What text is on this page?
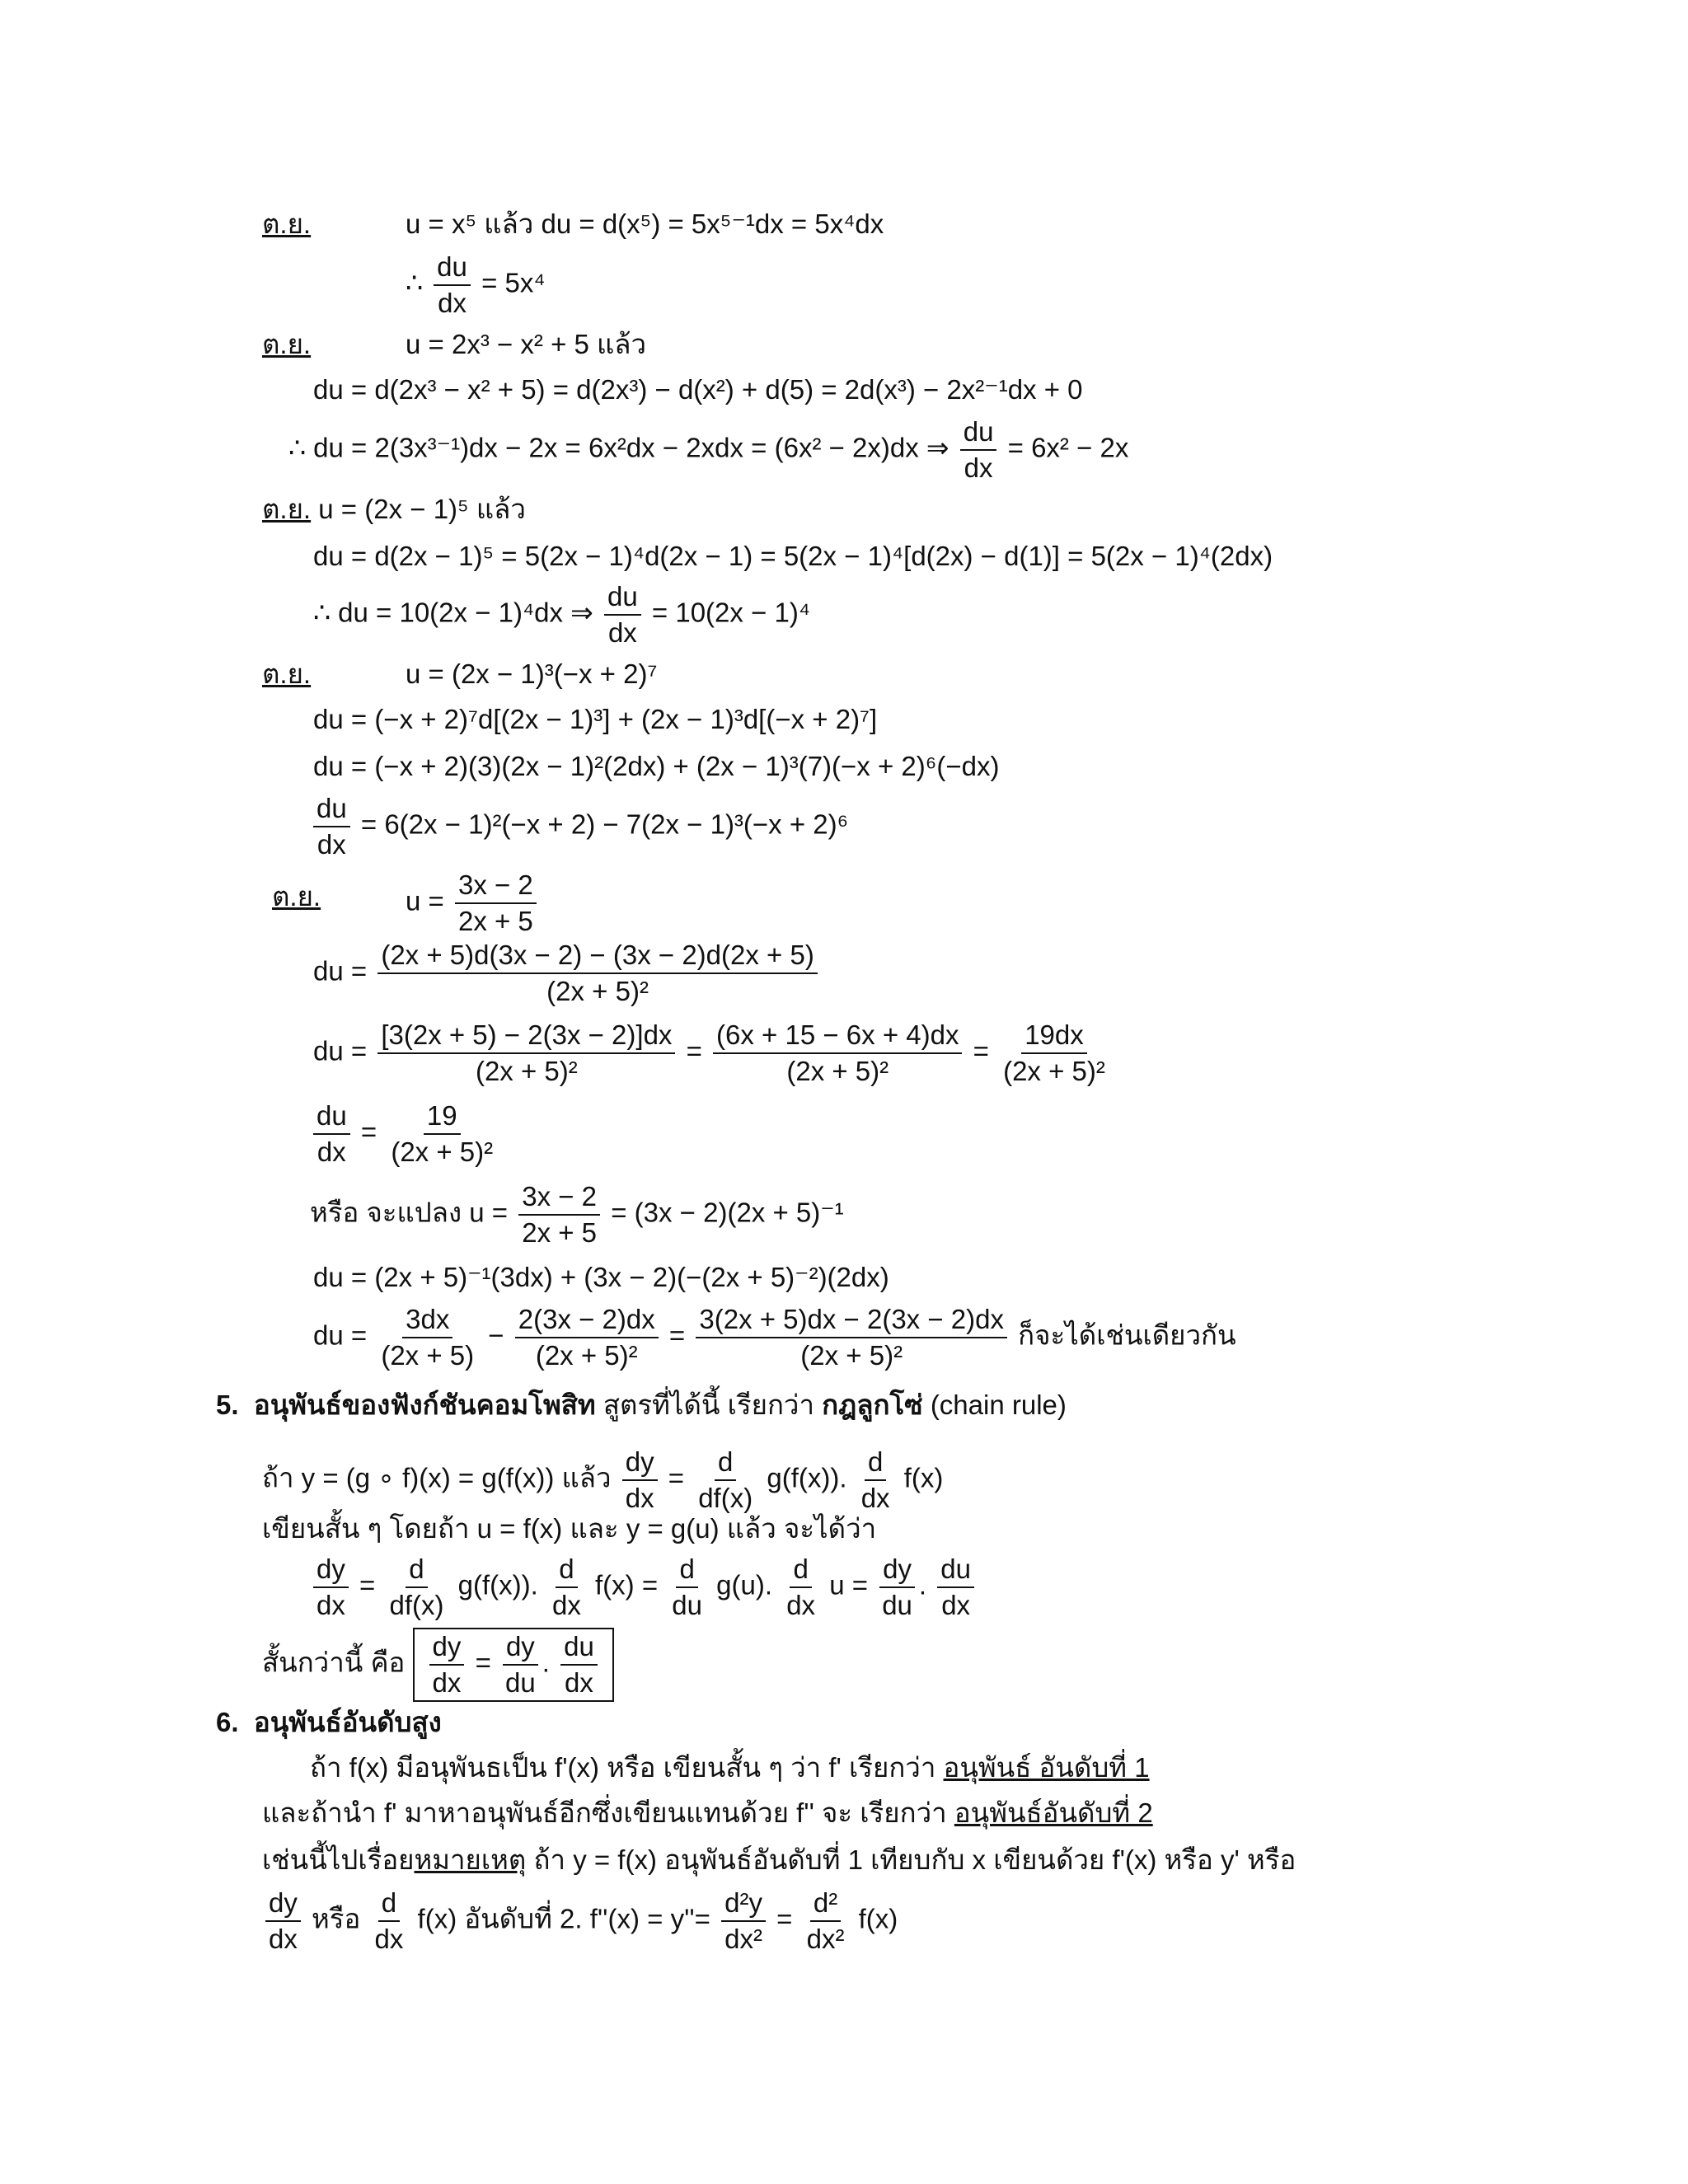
ต.ย.	u = x⁵ แล้ว du = d(x⁵) = 5x⁵⁻¹dx = 5x⁴dx
∴ $\frac{du}{dx} = 5x^4$
ต.ย.	u = 2x³ − x² + 5 แล้ว
du = d(2x³ − x² + 5) = d(2x³) − d(x²) + d(5) = 2d(x³) − 2x²⁻¹dx + 0
∴ du = 2(3x³⁻¹)dx − 2x = 6x²dx − 2xdx = (6x² − 2x)dx ⇒ $\frac{du}{dx} = 6x^2 - 2x$
ต.ย. u = (2x − 1)⁵ แล้ว
du = d(2x − 1)⁵ = 5(2x − 1)⁴d(2x − 1) = 5(2x − 1)⁴[d(2x) − d(1)] = 5(2x − 1)⁴(2dx)
∴ du = 10(2x − 1)⁴dx ⇒ $\frac{du}{dx} = 10(2x - 1)^4$
ต.ย.	u = (2x − 1)³(−x + 2)⁷
du = (−x + 2)⁷d[(2x − 1)³] + (2x − 1)³d[(−x + 2)⁷]
du = (−x + 2)(3)(2x − 1)²(2dx) + (2x − 1)³(7)(−x + 2)⁶(−dx)
$\frac{du}{dx} = 6(2x - 1)^2(-x + 2) - 7(2x - 1)^3(-x + 2)^6$
ต.ย.	$u = \frac{3x - 2}{2x + 5}$
du = $\frac{(2x + 5)d(3x - 2) - (3x - 2)d(2x + 5)}{\text{(2x + 5)²}}$
du = $\frac{[3(2x + 5) - 2(3x - 2)]dx}{\text{(2x + 5)²}} = \frac{(6x + 15 - 6x + 4)dx}{\text{(2x + 5)²}} = \frac{19dx}{\text{(2x + 5)²}}$
$\frac{du}{dx} = \frac{19}{\text{(2x + 5)²}}$
หรือ จะแปลง $u = \frac{3x - 2}{2x + 5} = (3x - 2)(2x + 5)^{-1}$
du = (2x + 5)⁻¹(3dx) + (3x − 2)(−(2x + 5)⁻²)(2dx)
du = $\frac{3dx}{(2x + 5)} - \frac{2(3x - 2)dx}{\text{(2x + 5)²}} = \frac{3(2x + 5)dx - 2(3x - 2)dx}{\text{(2x + 5)²}}$ ก็จะได้เช่นเดียวกัน
5. อนุพันธ์ของฟังก์ชันคอมโพสิท สูตรที่ได้นี้ เรียกว่า กฎลูกโซ่ (chain rule)
ถ้า y = (g ∘ f)(x) = g(f(x)) แล้ว $\frac{dy}{dx} = \frac{d}{df(x)} g(f(x))$. $\frac{d}{dx} f(x)$
เขียนสั้น ๆ โดยถ้า u = f(x) และ y = g(u) แล้ว จะได้ว่า
$\frac{dy}{dx} = \frac{d}{df(x)} g(f(x))$. $\frac{d}{dx} f(x) = \frac{d}{du} g(u)$. $\frac{d}{dx}$ $u = \frac{dy}{du}$ . $\frac{du}{dx}$
สั้นกว่านี้ คือ $\frac{dy}{dx} = \frac{dy}{du}$ . $\frac{du}{dx}$
6. อนุพันธ์อันดับสูง
ถ้า f(x) มีอนุพันธเป็น f'(x) หรือ เขียนสั้น ๆ ว่า f' เรียกว่า อนุพันธ์ อันดับที่ 1
และถ้านำ f' มาหาอนุพันธ์อีกซึ่งเขียนแทนด้วย f'' จะ เรียกว่า อนุพันธ์อันดับที่ 2
เช่นนี้ไปเรื่อยหมายเหตุ ถ้า y = f(x) อนุพันธ์อันดับที่ 1 เทียบกับ x เขียนด้วย f'(x) หรือ y' หรือ
$\frac{dy}{dx}$ หรือ $\frac{d}{dx} f(x)$ อันดับที่ 2. $f''(x) = y''= \frac{\text{d²y}}{\text{dx²}} = \frac{\text{d²}}{\text{dx²}} f(x)$
